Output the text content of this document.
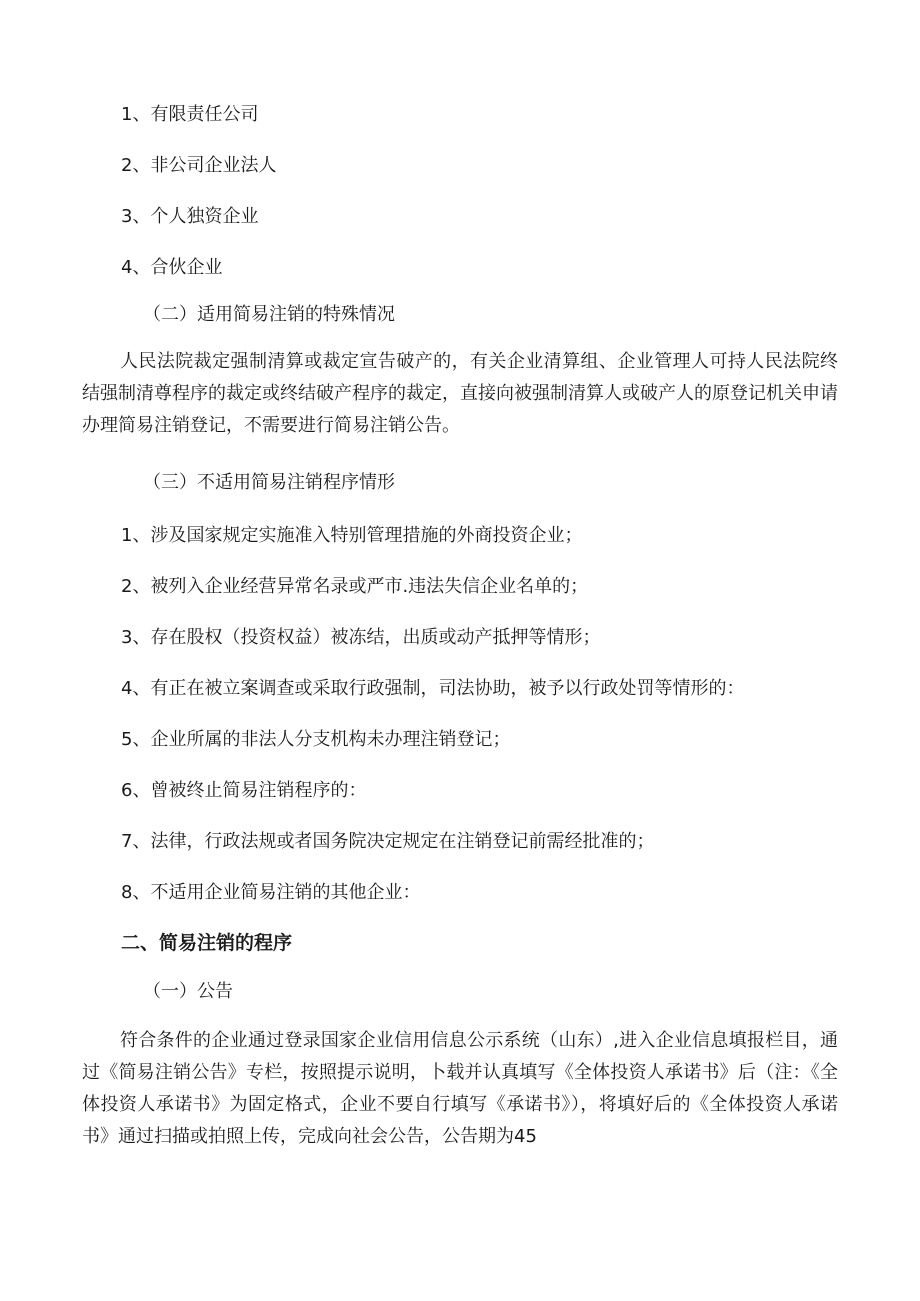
1、有限责任公司
2、非公司企业法人
3、个人独资企业
4、合伙企业
（二）适用简易注销的特殊情况
人民法院裁定强制清算或裁定宣告破产的，有关企业清算组、企业管理人可持人民法院终结强制清尊程序的裁定或终结破产程序的裁定，直接向被强制清算人或破产人的原登记机关申请办理简易注销登记，不需要进行简易注销公告。
（三）不适用简易注销程序情形
1、涉及国家规定实施准入特别管理措施的外商投资企业；
2、被列入企业经营异常名录或严市.违法失信企业名单的；
3、存在股权（投资权益）被冻结，出质或动产抵押等情形；
4、有正在被立案调查或采取行政强制，司法协助，被予以行政处罚等情形的：
5、企业所属的非法人分支机构未办理注销登记；
6、曾被终止简易注销程序的：
7、法律，行政法规或者国务院决定规定在注销登记前需经批准的；
8、不适用企业简易注销的其他企业：
二、简易注销的程序
（一）公告
符合条件的企业通过登录国家企业信用信息公示系统（山东）,进入企业信息填报栏目，通过《简易注销公告》专栏，按照提示说明，卜载并认真填写《全体投资人承诺书》后（注：《全体投资人承诺书》为固定格式，企业不要自行填写《承诺书》），将填好后的《全体投资人承诺书》通过扫描或拍照上传，完成向社会公告，公告期为45
